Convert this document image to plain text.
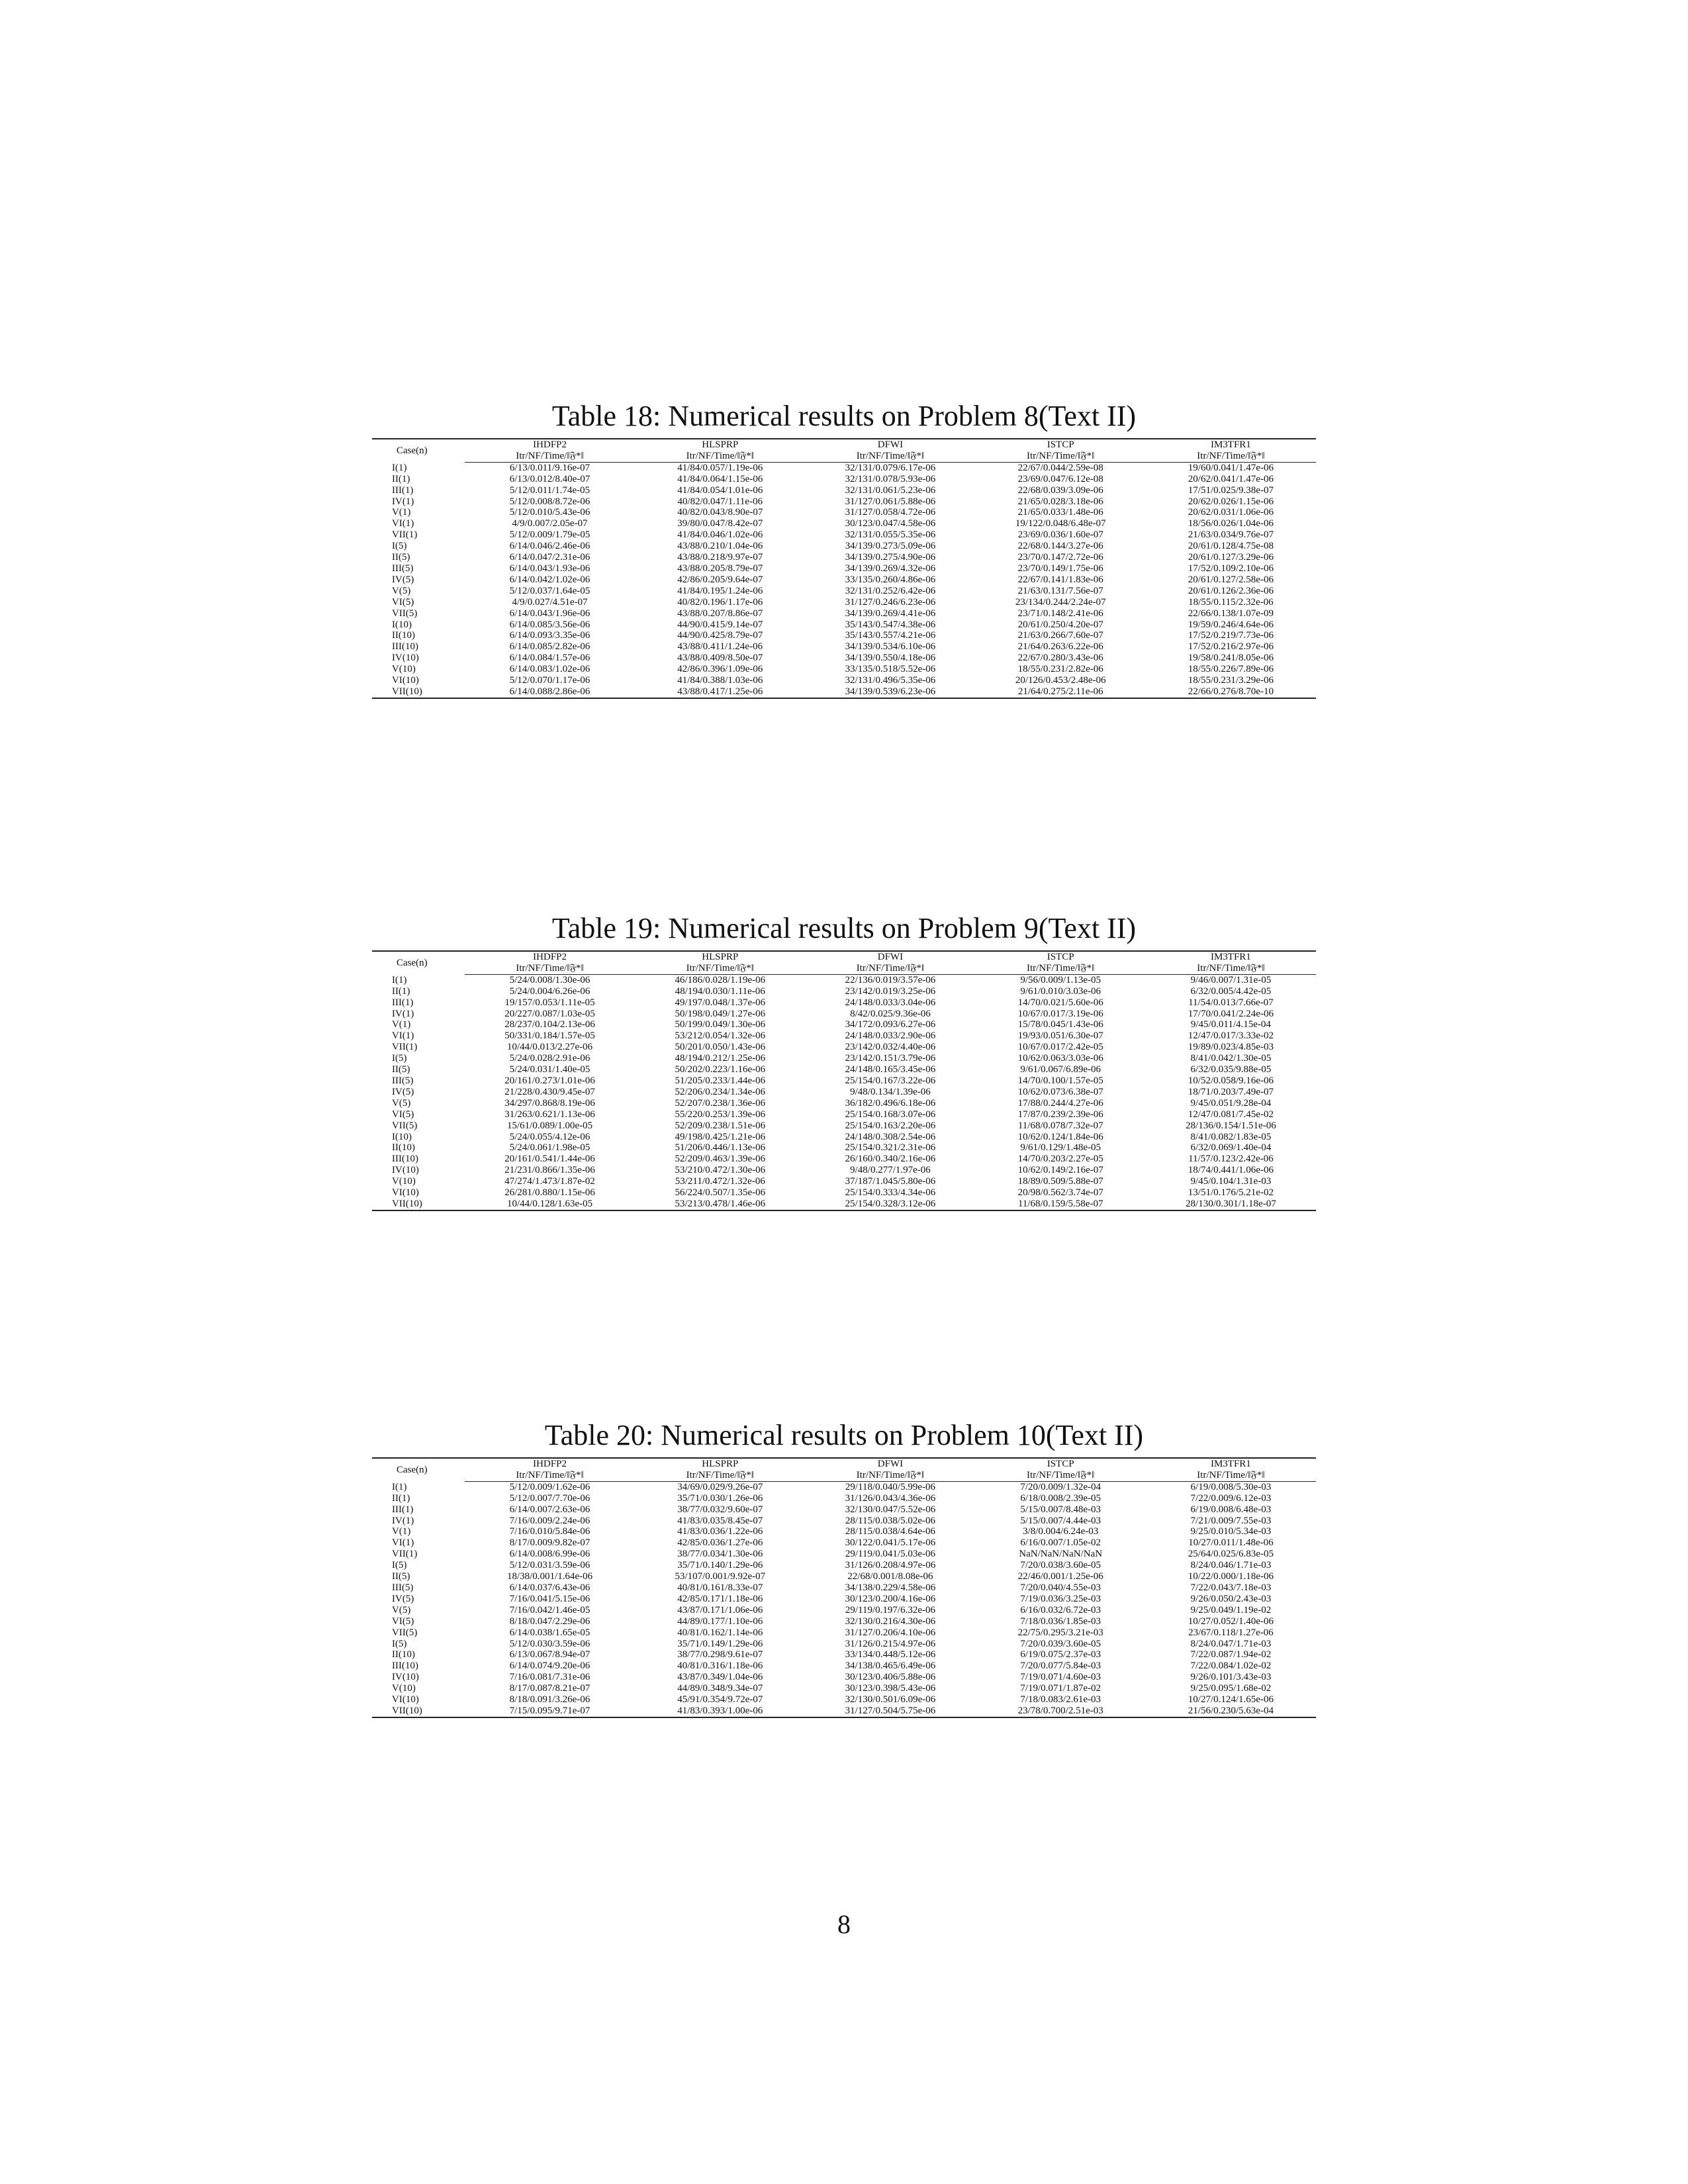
Table 18: Numerical results on Problem 8(Text II)
Case(n)	IHDFP2	HLSPRP	DFWI	ISTCP	IM3TFR1
	Itr/NF/Time/‖𝔉*‖	Itr/NF/Time/‖𝔉*‖	Itr/NF/Time/‖𝔉*‖	Itr/NF/Time/‖𝔉*‖	Itr/NF/Time/‖𝔉*‖
I(1)	6/13/0.011/9.16e-07	41/84/0.057/1.19e-06	32/131/0.079/6.17e-06	22/67/0.044/2.59e-08	19/60/0.041/1.47e-06
II(1)	6/13/0.012/8.40e-07	41/84/0.064/1.15e-06	32/131/0.078/5.93e-06	23/69/0.047/6.12e-08	20/62/0.041/1.47e-06
III(1)	5/12/0.011/1.74e-05	41/84/0.054/1.01e-06	32/131/0.061/5.23e-06	22/68/0.039/3.09e-06	17/51/0.025/9.38e-07
IV(1)	5/12/0.008/8.72e-06	40/82/0.047/1.11e-06	31/127/0.061/5.88e-06	21/65/0.028/3.18e-06	20/62/0.026/1.15e-06
V(1)	5/12/0.010/5.43e-06	40/82/0.043/8.90e-07	31/127/0.058/4.72e-06	21/65/0.033/1.48e-06	20/62/0.031/1.06e-06
VI(1)	4/9/0.007/2.05e-07	39/80/0.047/8.42e-07	30/123/0.047/4.58e-06	19/122/0.048/6.48e-07	18/56/0.026/1.04e-06
VII(1)	5/12/0.009/1.79e-05	41/84/0.046/1.02e-06	32/131/0.055/5.35e-06	23/69/0.036/1.60e-07	21/63/0.034/9.76e-07
I(5)	6/14/0.046/2.46e-06	43/88/0.210/1.04e-06	34/139/0.273/5.09e-06	22/68/0.144/3.27e-06	20/61/0.128/4.75e-08
II(5)	6/14/0.047/2.31e-06	43/88/0.218/9.97e-07	34/139/0.275/4.90e-06	23/70/0.147/2.72e-06	20/61/0.127/3.29e-06
III(5)	6/14/0.043/1.93e-06	43/88/0.205/8.79e-07	34/139/0.269/4.32e-06	23/70/0.149/1.75e-06	17/52/0.109/2.10e-06
IV(5)	6/14/0.042/1.02e-06	42/86/0.205/9.64e-07	33/135/0.260/4.86e-06	22/67/0.141/1.83e-06	20/61/0.127/2.58e-06
V(5)	5/12/0.037/1.64e-05	41/84/0.195/1.24e-06	32/131/0.252/6.42e-06	21/63/0.131/7.56e-07	20/61/0.126/2.36e-06
VI(5)	4/9/0.027/4.51e-07	40/82/0.196/1.17e-06	31/127/0.246/6.23e-06	23/134/0.244/2.24e-07	18/55/0.115/2.32e-06
VII(5)	6/14/0.043/1.96e-06	43/88/0.207/8.86e-07	34/139/0.269/4.41e-06	23/71/0.148/2.41e-06	22/66/0.138/1.07e-09
I(10)	6/14/0.085/3.56e-06	44/90/0.415/9.14e-07	35/143/0.547/4.38e-06	20/61/0.250/4.20e-07	19/59/0.246/4.64e-06
II(10)	6/14/0.093/3.35e-06	44/90/0.425/8.79e-07	35/143/0.557/4.21e-06	21/63/0.266/7.60e-07	17/52/0.219/7.73e-06
III(10)	6/14/0.085/2.82e-06	43/88/0.411/1.24e-06	34/139/0.534/6.10e-06	21/64/0.263/6.22e-06	17/52/0.216/2.97e-06
IV(10)	6/14/0.084/1.57e-06	43/88/0.409/8.50e-07	34/139/0.550/4.18e-06	22/67/0.280/3.43e-06	19/58/0.241/8.05e-06
V(10)	6/14/0.083/1.02e-06	42/86/0.396/1.09e-06	33/135/0.518/5.52e-06	18/55/0.231/2.82e-06	18/55/0.226/7.89e-06
VI(10)	5/12/0.070/1.17e-06	41/84/0.388/1.03e-06	32/131/0.496/5.35e-06	20/126/0.453/2.48e-06	18/55/0.231/3.29e-06
VII(10)	6/14/0.088/2.86e-06	43/88/0.417/1.25e-06	34/139/0.539/6.23e-06	21/64/0.275/2.11e-06	22/66/0.276/8.70e-10
Table 19: Numerical results on Problem 9(Text II)
Case(n)	IHDFP2	HLSPRP	DFWI	ISTCP	IM3TFR1
	Itr/NF/Time/‖𝔉*‖	Itr/NF/Time/‖𝔉*‖	Itr/NF/Time/‖𝔉*‖	Itr/NF/Time/‖𝔉*‖	Itr/NF/Time/‖𝔉*‖
I(1)	5/24/0.008/1.30e-06	46/186/0.028/1.19e-06	22/136/0.019/3.57e-06	9/56/0.009/1.13e-05	9/46/0.007/1.31e-05
II(1)	5/24/0.004/6.26e-06	48/194/0.030/1.11e-06	23/142/0.019/3.25e-06	9/61/0.010/3.03e-06	6/32/0.005/4.42e-05
III(1)	19/157/0.053/1.11e-05	49/197/0.048/1.37e-06	24/148/0.033/3.04e-06	14/70/0.021/5.60e-06	11/54/0.013/7.66e-07
IV(1)	20/227/0.087/1.03e-05	50/198/0.049/1.27e-06	8/42/0.025/9.36e-06	10/67/0.017/3.19e-06	17/70/0.041/2.24e-06
V(1)	28/237/0.104/2.13e-06	50/199/0.049/1.30e-06	34/172/0.093/6.27e-06	15/78/0.045/1.43e-06	9/45/0.011/4.15e-04
VI(1)	50/331/0.184/1.57e-05	53/212/0.054/1.32e-06	24/148/0.033/2.90e-06	19/93/0.051/6.30e-07	12/47/0.017/3.33e-02
VII(1)	10/44/0.013/2.27e-06	50/201/0.050/1.43e-06	23/142/0.032/4.40e-06	10/67/0.017/2.42e-05	19/89/0.023/4.85e-03
I(5)	5/24/0.028/2.91e-06	48/194/0.212/1.25e-06	23/142/0.151/3.79e-06	10/62/0.063/3.03e-06	8/41/0.042/1.30e-05
II(5)	5/24/0.031/1.40e-05	50/202/0.223/1.16e-06	24/148/0.165/3.45e-06	9/61/0.067/6.89e-06	6/32/0.035/9.88e-05
III(5)	20/161/0.273/1.01e-06	51/205/0.233/1.44e-06	25/154/0.167/3.22e-06	14/70/0.100/1.57e-05	10/52/0.058/9.16e-06
IV(5)	21/228/0.430/9.45e-07	52/206/0.234/1.34e-06	9/48/0.134/1.39e-06	10/62/0.073/6.38e-07	18/71/0.203/7.49e-07
V(5)	34/297/0.868/8.19e-06	52/207/0.238/1.36e-06	36/182/0.496/6.18e-06	17/88/0.244/4.27e-06	9/45/0.051/9.28e-04
VI(5)	31/263/0.621/1.13e-06	55/220/0.253/1.39e-06	25/154/0.168/3.07e-06	17/87/0.239/2.39e-06	12/47/0.081/7.45e-02
VII(5)	15/61/0.089/1.00e-05	52/209/0.238/1.51e-06	25/154/0.163/2.20e-06	11/68/0.078/7.32e-07	28/136/0.154/1.51e-06
I(10)	5/24/0.055/4.12e-06	49/198/0.425/1.21e-06	24/148/0.308/2.54e-06	10/62/0.124/1.84e-06	8/41/0.082/1.83e-05
II(10)	5/24/0.061/1.98e-05	51/206/0.446/1.13e-06	25/154/0.321/2.31e-06	9/61/0.129/1.48e-05	6/32/0.069/1.40e-04
III(10)	20/161/0.541/1.44e-06	52/209/0.463/1.39e-06	26/160/0.340/2.16e-06	14/70/0.203/2.27e-05	11/57/0.123/2.42e-06
IV(10)	21/231/0.866/1.35e-06	53/210/0.472/1.30e-06	9/48/0.277/1.97e-06	10/62/0.149/2.16e-07	18/74/0.441/1.06e-06
V(10)	47/274/1.473/1.87e-02	53/211/0.472/1.32e-06	37/187/1.045/5.80e-06	18/89/0.509/5.88e-07	9/45/0.104/1.31e-03
VI(10)	26/281/0.880/1.15e-06	56/224/0.507/1.35e-06	25/154/0.333/4.34e-06	20/98/0.562/3.74e-07	13/51/0.176/5.21e-02
VII(10)	10/44/0.128/1.63e-05	53/213/0.478/1.46e-06	25/154/0.328/3.12e-06	11/68/0.159/5.58e-07	28/130/0.301/1.18e-07
Table 20: Numerical results on Problem 10(Text II)
Case(n)	IHDFP2	HLSPRP	DFWI	ISTCP	IM3TFR1
	Itr/NF/Time/‖𝔉*‖	Itr/NF/Time/‖𝔉*‖	Itr/NF/Time/‖𝔉*‖	Itr/NF/Time/‖𝔉*‖	Itr/NF/Time/‖𝔉*‖
I(1)	5/12/0.009/1.62e-06	34/69/0.029/9.26e-07	29/118/0.040/5.99e-06	7/20/0.009/1.32e-04	6/19/0.008/5.30e-03
II(1)	5/12/0.007/7.70e-06	35/71/0.030/1.26e-06	31/126/0.043/4.36e-06	6/18/0.008/2.39e-05	7/22/0.009/6.12e-03
III(1)	6/14/0.007/2.63e-06	38/77/0.032/9.60e-07	32/130/0.047/5.52e-06	5/15/0.007/8.48e-03	6/19/0.008/6.48e-03
IV(1)	7/16/0.009/2.24e-06	41/83/0.035/8.45e-07	28/115/0.038/5.02e-06	5/15/0.007/4.44e-03	7/21/0.009/7.55e-03
V(1)	7/16/0.010/5.84e-06	41/83/0.036/1.22e-06	28/115/0.038/4.64e-06	3/8/0.004/6.24e-03	9/25/0.010/5.34e-03
VI(1)	8/17/0.009/9.82e-07	42/85/0.036/1.27e-06	30/122/0.041/5.17e-06	6/16/0.007/1.05e-02	10/27/0.011/1.48e-06
VII(1)	6/14/0.008/6.99e-06	38/77/0.034/1.30e-06	29/119/0.041/5.03e-06	NaN/NaN/NaN/NaN	25/64/0.025/6.83e-05
I(5)	5/12/0.031/3.59e-06	35/71/0.140/1.29e-06	31/126/0.208/4.97e-06	7/20/0.038/3.60e-05	8/24/0.046/1.71e-03
II(5)	18/38/0.001/1.64e-06	53/107/0.001/9.92e-07	22/68/0.001/8.08e-06	22/46/0.001/1.25e-06	10/22/0.000/1.18e-06
III(5)	6/14/0.037/6.43e-06	40/81/0.161/8.33e-07	34/138/0.229/4.58e-06	7/20/0.040/4.55e-03	7/22/0.043/7.18e-03
IV(5)	7/16/0.041/5.15e-06	42/85/0.171/1.18e-06	30/123/0.200/4.16e-06	7/19/0.036/3.25e-03	9/26/0.050/2.43e-03
V(5)	7/16/0.042/1.46e-05	43/87/0.171/1.06e-06	29/119/0.197/6.32e-06	6/16/0.032/6.72e-03	9/25/0.049/1.19e-02
VI(5)	8/18/0.047/2.29e-06	44/89/0.177/1.10e-06	32/130/0.216/4.30e-06	7/18/0.036/1.85e-03	10/27/0.052/1.40e-06
VII(5)	6/14/0.038/1.65e-05	40/81/0.162/1.14e-06	31/127/0.206/4.10e-06	22/75/0.295/3.21e-03	23/67/0.118/1.27e-06
I(5)	5/12/0.030/3.59e-06	35/71/0.149/1.29e-06	31/126/0.215/4.97e-06	7/20/0.039/3.60e-05	8/24/0.047/1.71e-03
II(10)	6/13/0.067/8.94e-07	38/77/0.298/9.61e-07	33/134/0.448/5.12e-06	6/19/0.075/2.37e-03	7/22/0.087/1.94e-02
III(10)	6/14/0.074/9.20e-06	40/81/0.316/1.18e-06	34/138/0.465/6.49e-06	7/20/0.077/5.84e-03	7/22/0.084/1.02e-02
IV(10)	7/16/0.081/7.31e-06	43/87/0.349/1.04e-06	30/123/0.406/5.88e-06	7/19/0.071/4.60e-03	9/26/0.101/3.43e-03
V(10)	8/17/0.087/8.21e-07	44/89/0.348/9.34e-07	30/123/0.398/5.43e-06	7/19/0.071/1.87e-02	9/25/0.095/1.68e-02
VI(10)	8/18/0.091/3.26e-06	45/91/0.354/9.72e-07	32/130/0.501/6.09e-06	7/18/0.083/2.61e-03	10/27/0.124/1.65e-06
VII(10)	7/15/0.095/9.71e-07	41/83/0.393/1.00e-06	31/127/0.504/5.75e-06	23/78/0.700/2.51e-03	21/56/0.230/5.63e-04
8
